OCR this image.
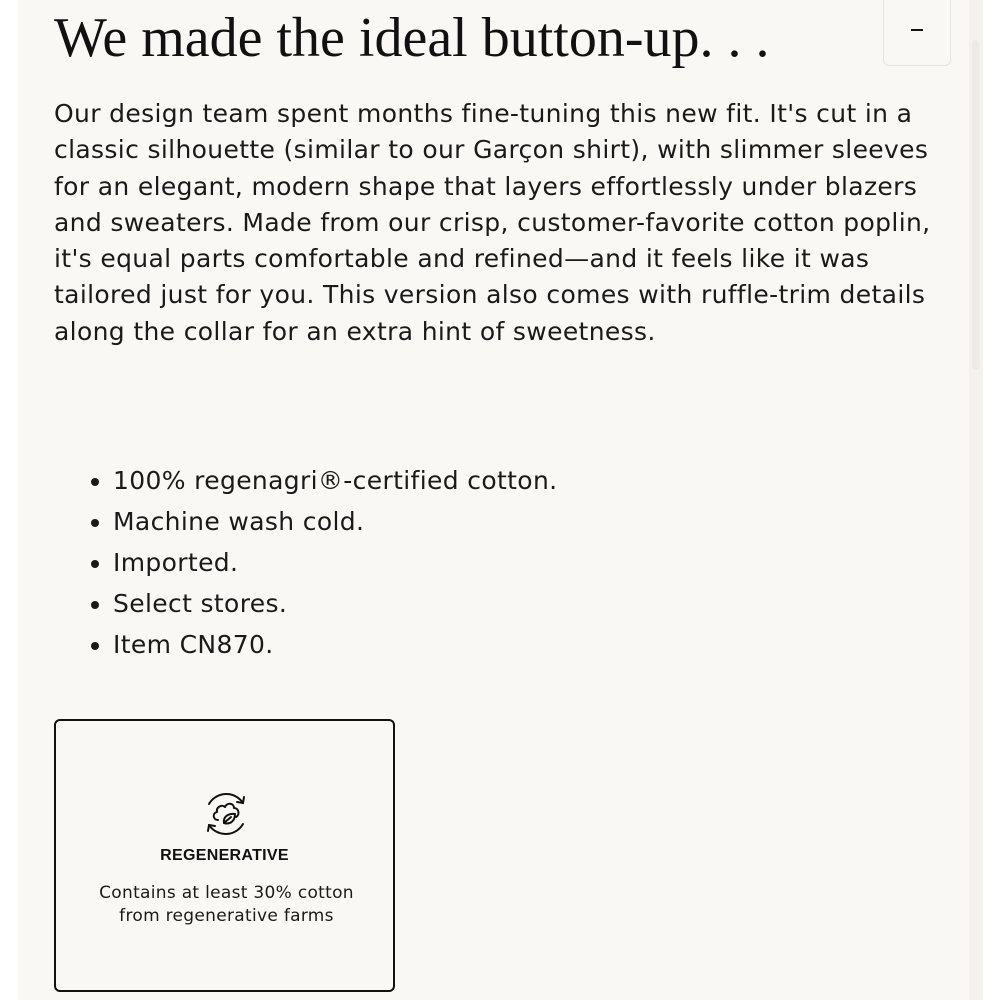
We made the ideal button-up. . .

Our design team spent months fine-tuning this new fit. It's cut in a classic silhouette (similar to our Garçon shirt), with slimmer sleeves for an elegant, modern shape that layers effortlessly under blazers and sweaters. Made from our crisp, customer-favorite cotton poplin, it's equal parts comfortable and refined—and it feels like it was tailored just for you. This version also comes with ruffle-trim details along the collar for an extra hint of sweetness.

• 100% regenagri®-certified cotton.
• Machine wash cold.
• Imported.
• Select stores.
• Item CN870.
REGENERATIVE
Contains at least 30% cotton
from regenerative farms
